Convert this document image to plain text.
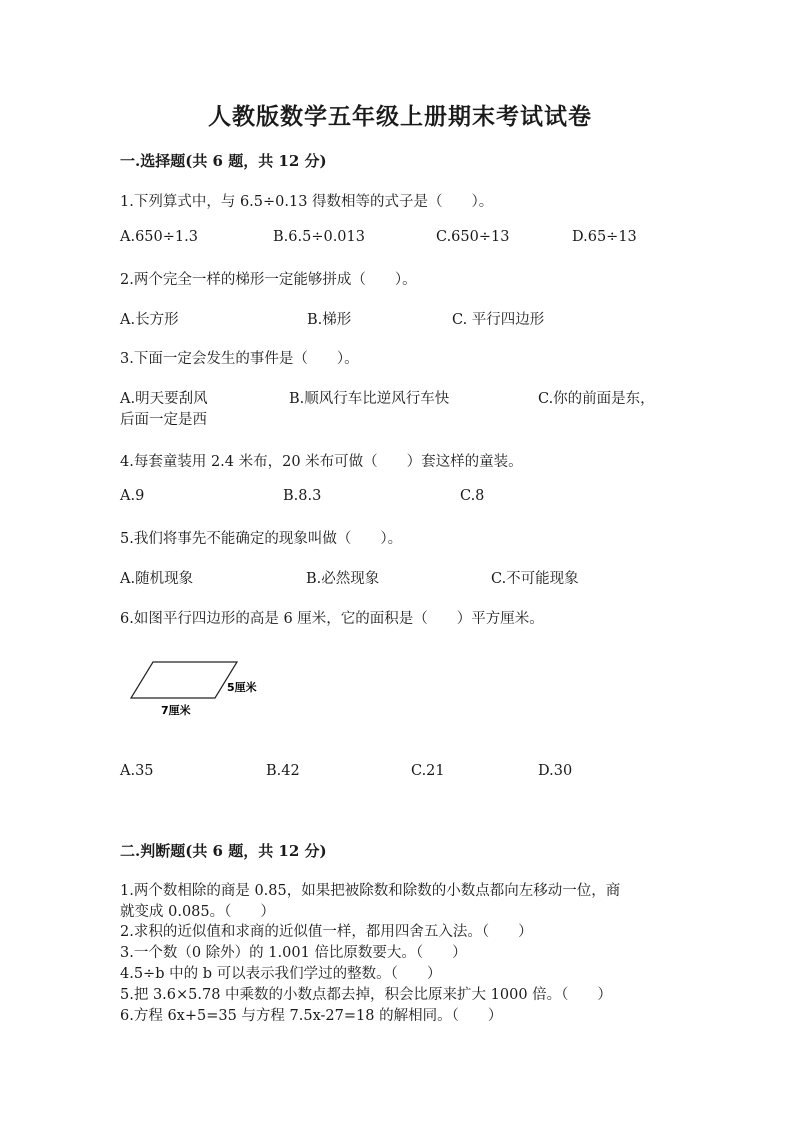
人教版数学五年级上册期末考试试卷
一.选择题(共 6 题，共 12 分)
1.下列算式中，与 6.5÷0.13 得数相等的式子是（　　）。
A.650÷1.3	B.6.5÷0.013	C.650÷13	D.65÷13
2.两个完全一样的梯形一定能够拼成（　　）。
A.长方形	B.梯形	C. 平行四边形
3.下面一定会发生的事件是（　　）。
A.明天要刮风	B.顺风行车比逆风行车快	C.你的前面是东，
后面一定是西
4.每套童装用 2.4 米布，20 米布可做（　　）套这样的童装。
A.9	B.8.3	C.8
5.我们将事先不能确定的现象叫做（　　）。
A.随机现象	B.必然现象	C.不可能现象
6.如图平行四边形的高是 6 厘米，它的面积是（　　）平方厘米。
5厘米
7厘米
A.35	B.42	C.21	D.30
二.判断题(共 6 题，共 12 分)
1.两个数相除的商是 0.85，如果把被除数和除数的小数点都向左移动一位，商
就变成 0.085。（　　）
2.求积的近似值和求商的近似值一样，都用四舍五入法。（　　）
3.一个数（0 除外）的 1.001 倍比原数要大。（　　）
4.5÷b 中的 b 可以表示我们学过的整数。（　　）
5.把 3.6×5.78 中乘数的小数点都去掉，积会比原来扩大 1000 倍。（　　）
6.方程 6x+5=35 与方程 7.5x-27=18 的解相同。（　　）
